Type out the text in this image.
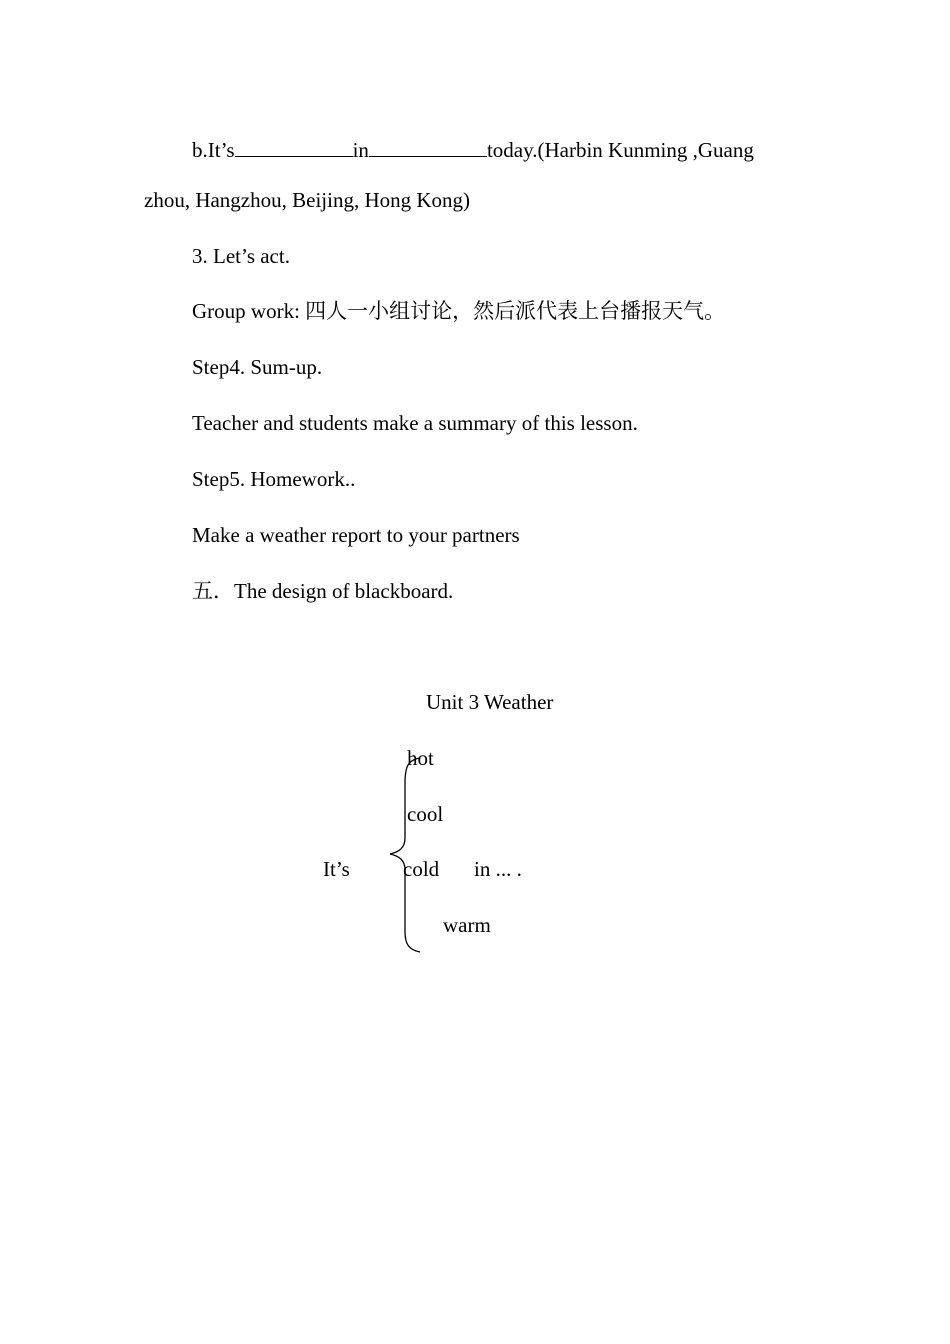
b.It’s	in	today.(Harbin Kunming ,Guang
zhou, Hangzhou, Beijing, Hong Kong)
3. Let’s act.
Group work: 四人一小组讨论，然后派代表上台播报天气。
Step4. Sum-up.
Teacher and students make a summary of this lesson.
Step5. Homework..
Make a weather report to your partners
五．The design of blackboard.
Unit 3 Weather
hot
cool
It’s	cold in ... .
warm
